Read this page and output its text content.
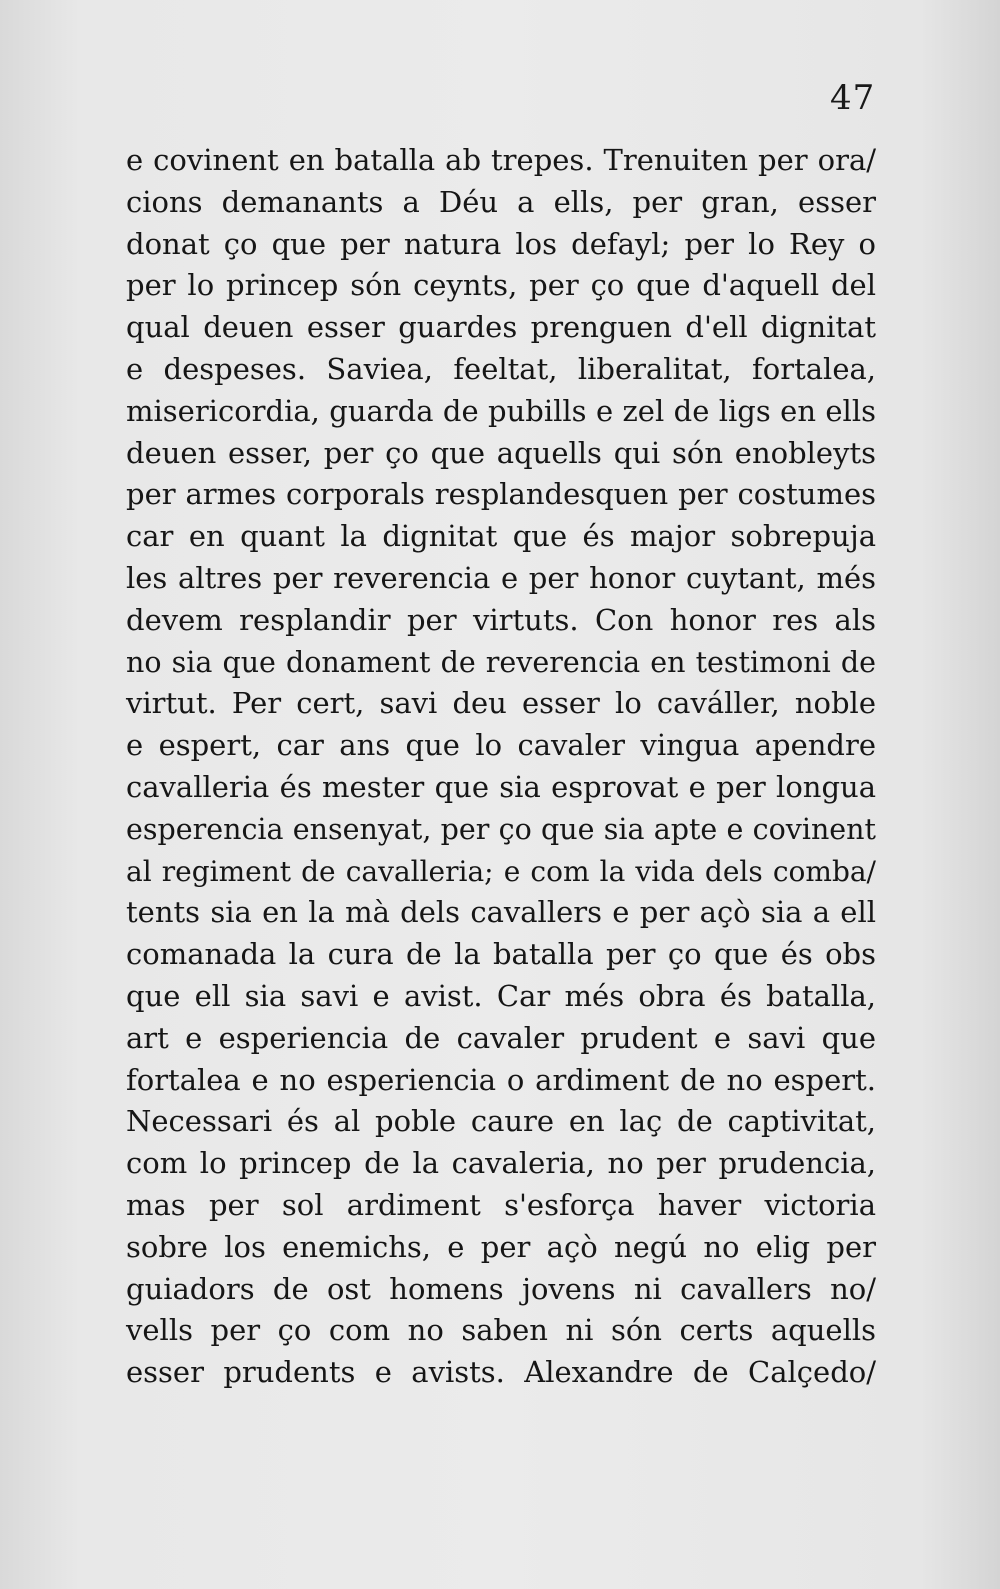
47
e covinent en batalla ab trepes. Trenuiten per ora/
cions demanants a Déu a ells, per gran, esser
donat ço que per natura los defayl; per lo Rey o
per lo princep són ceynts, per ço que d'aquell del
qual deuen esser guardes prenguen d'ell dignitat
e despeses. Saviea, feeltat, liberalitat, fortalea,
misericordia, guarda de pubills e zel de ligs en ells
deuen esser, per ço que aquells qui són enobleyts
per armes corporals resplandesquen per costumes
car en quant la dignitat que és major sobrepuja
les altres per reverencia e per honor cuytant, més
devem resplandir per virtuts. Con honor res als
no sia que donament de reverencia en testimoni de
virtut. Per cert, savi deu esser lo caváller, noble
e espert, car ans que lo cavaler vingua apendre
cavalleria és mester que sia esprovat e per longua
esperencia ensenyat, per ço que sia apte e covinent
al regiment de cavalleria; e com la vida dels comba/
tents sia en la mà dels cavallers e per açò sia a ell
comanada la cura de la batalla per ço que és obs
que ell sia savi e avist. Car més obra és batalla,
art e esperiencia de cavaler prudent e savi que
fortalea e no esperiencia o ardiment de no espert.
Necessari és al poble caure en laç de captivitat,
com lo princep de la cavaleria, no per prudencia,
mas per sol ardiment s'esforça haver victoria
sobre los enemichs, e per açò negú no elig per
guiadors de ost homens jovens ni cavallers no/
vells per ço com no saben ni són certs aquells
esser prudents e avists. Alexandre de Calçedo/
